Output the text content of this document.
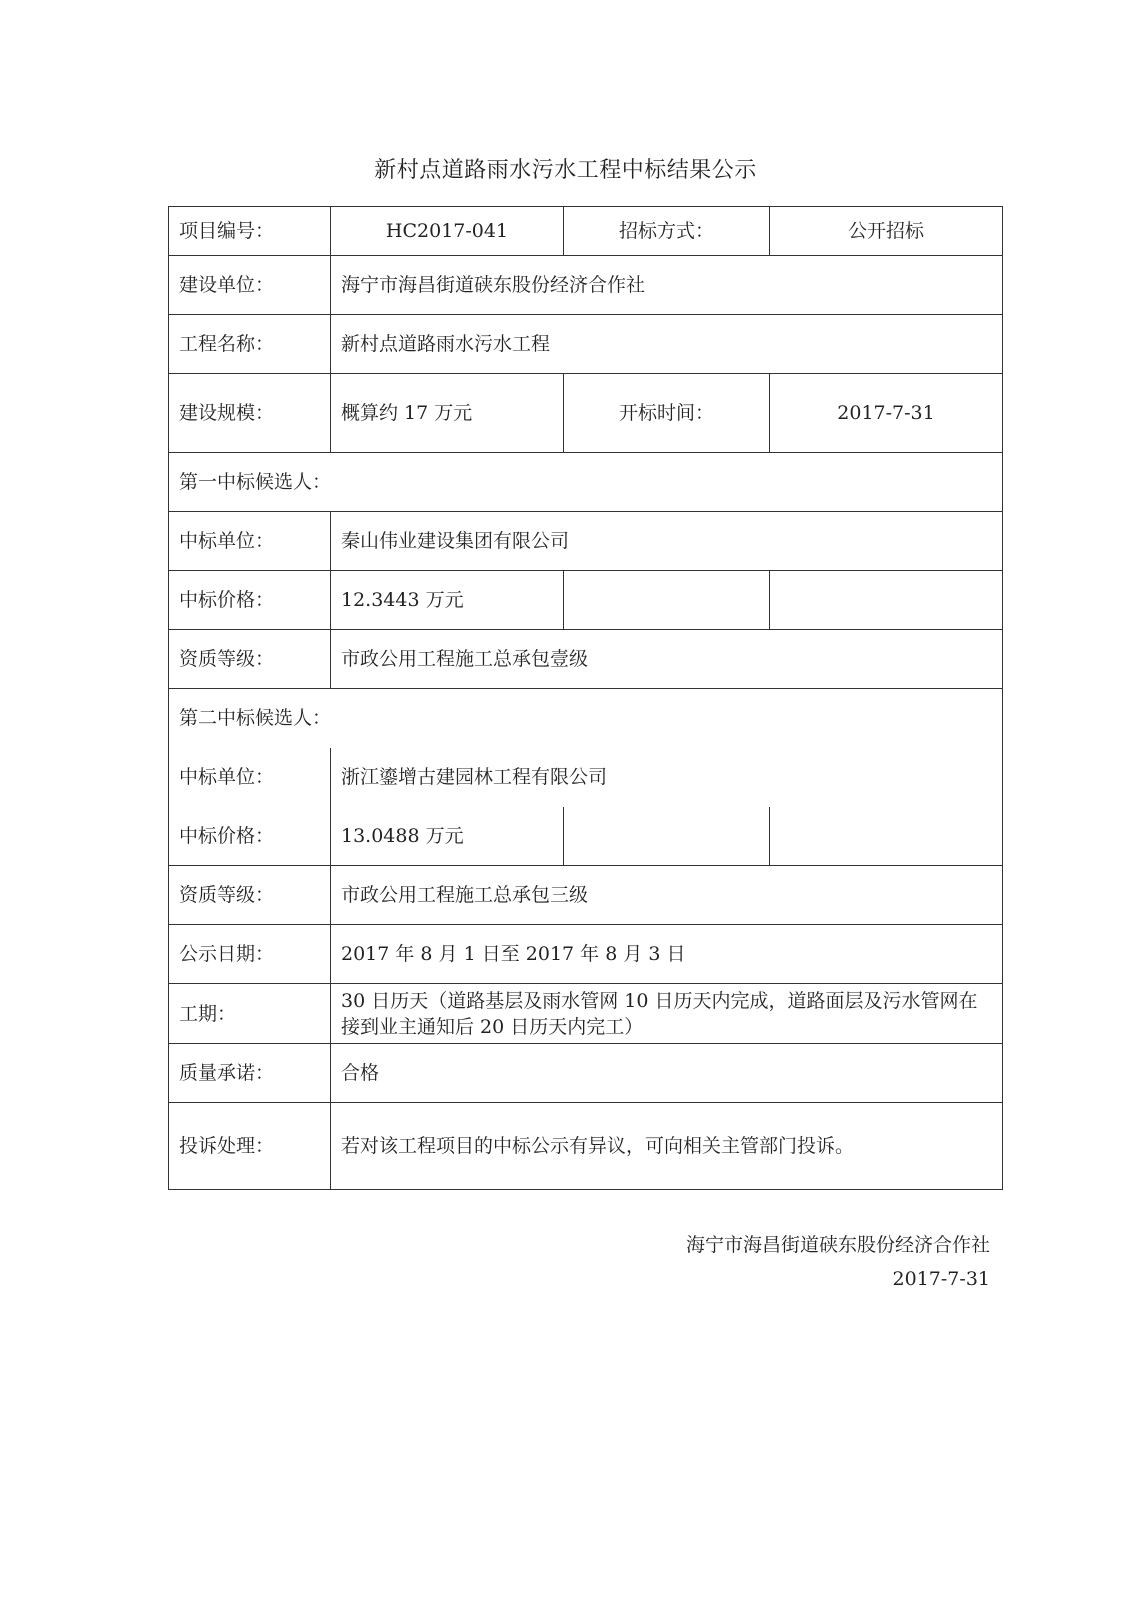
新村点道路雨水污水工程中标结果公示
项目编号：	HC2017-041	招标方式：	公开招标
建设单位：	海宁市海昌街道硖东股份经济合作社		
工程名称：	新村点道路雨水污水工程		
建设规模：	概算约 17 万元	开标时间：	2017-7-31
第一中标候选人：			
中标单位：	秦山伟业建设集团有限公司		
中标价格：	12.3443 万元		
资质等级：	市政公用工程施工总承包壹级		
第二中标候选人：			
中标单位：	浙江鎏增古建园林工程有限公司		
中标价格：	13.0488 万元		
资质等级：	市政公用工程施工总承包三级		
公示日期：	2017 年 8 月 1 日至 2017 年 8 月 3 日		
工期：	30 日历天（道路基层及雨水管网 10 日历天内完成，道路面层及污水管网在接到业主通知后 20 日历天内完工）		
质量承诺：	合格		
投诉处理：	若对该工程项目的中标公示有异议，可向相关主管部门投诉。		
海宁市海昌街道硖东股份经济合作社
2017-7-31
